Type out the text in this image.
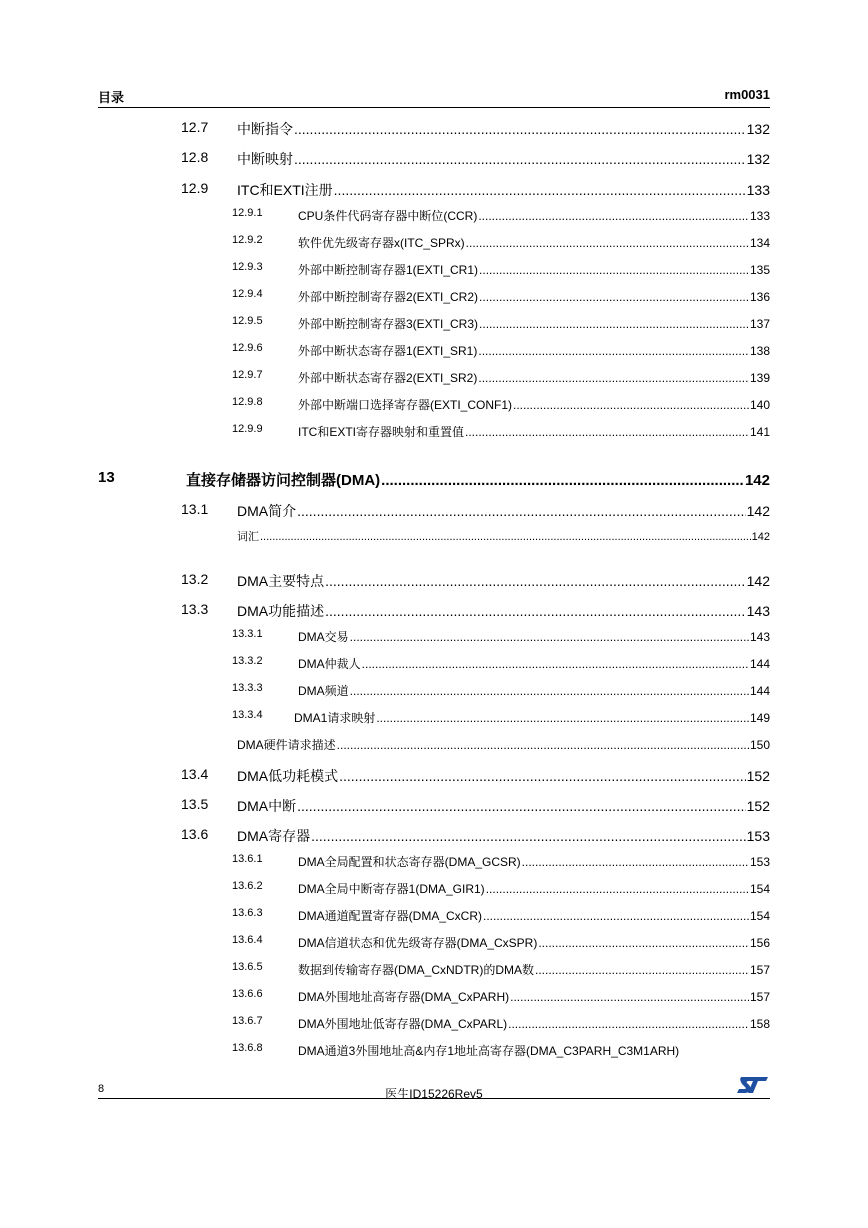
目录	rm0031
12.7 中断指令 .....	132
12.8 中断映射 .....	132
12.9 ITC和EXTI注册 .....	133
12.9.1	CPU条件代码寄存器中断位(CCR) .....	133
12.9.2	软件优先级寄存器x(ITC_SPRx) .....	134
12.9.3	外部中断控制寄存器1(EXTI_CR1) .....	135
12.9.4	外部中断控制寄存器2(EXTI_CR2) .....	136
12.9.5	外部中断控制寄存器3(EXTI_CR3) .....	137
12.9.6	外部中断状态寄存器1(EXTI_SR1) .....	138
12.9.7	外部中断状态寄存器2(EXTI_SR2) .....	139
12.9.8	外部中断端口选择寄存器(EXTI_CONF1) .....	140
12.9.9	ITC和EXTI寄存器映射和重置值 .....	141
13	直接存储器访问控制器(DMA) .....	142
13.1 DMA简介 .....	142
词汇 .....	142
13.2 DMA主要特点 .....	142
13.3 DMA功能描述 .....	143
13.3.1	DMA交易 .....	143
13.3.2	DMA仲裁人 .....	144
13.3.3	DMA频道 .....	144
13.3.4	DMA1请求映射 .....	149
DMA硬件请求描述 .....	150
13.4 DMA低功耗模式 .....	152
13.5 DMA中断 .....	152
13.6 DMA寄存器 .....	153
13.6.1	DMA全局配置和状态寄存器(DMA_GCSR) .....	153
13.6.2	DMA全局中断寄存器1(DMA_GIR1) .....	154
13.6.3	DMA通道配置寄存器(DMA_CxCR) .....	154
13.6.4	DMA信道状态和优先级寄存器(DMA_CxSPR) .....	156
13.6.5	数据到传输寄存器(DMA_CxNDTR)的DMA数 .....	157
13.6.6	DMA外围地址高寄存器(DMA_CxPARH) .....	157
13.6.7	DMA外围地址低寄存器(DMA_CxPARL) .....	158
13.6.8	DMA通道3外围地址高&内存1地址高寄存器(DMA_C3PARH_C3M1ARH)
8	医生ID15226Rev5
